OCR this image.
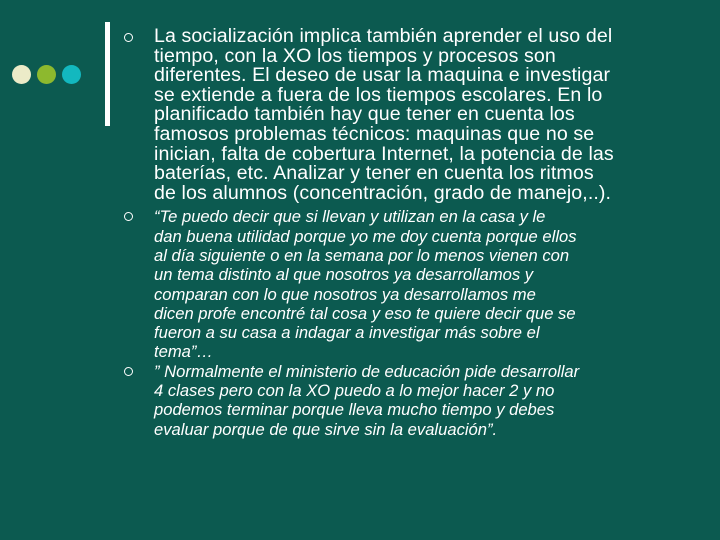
La socialización implica también aprender el uso del
tiempo, con la XO los tiempos y procesos son
diferentes. El deseo de usar la maquina e investigar
se extiende a fuera de los tiempos escolares. En lo
planificado también hay que tener en cuenta los
famosos problemas técnicos: maquinas que no se
inician, falta de cobertura Internet, la potencia de las
baterías, etc. Analizar y tener en cuenta los ritmos
de los alumnos (concentración, grado de manejo,..).
“Te puedo decir que si llevan y utilizan en la casa y le
dan buena utilidad porque yo me doy cuenta porque ellos
al día siguiente o en la semana por lo menos vienen con
un tema distinto al que nosotros ya desarrollamos y
comparan con lo que nosotros ya desarrollamos me
dicen profe encontré tal cosa y eso te quiere decir que se
fueron a su casa a indagar a investigar más sobre el
tema”…
” Normalmente el ministerio de educación pide desarrollar
4 clases pero con la XO puedo a lo mejor hacer 2 y no
podemos terminar porque lleva mucho tiempo y debes
evaluar porque de que sirve sin la evaluación”.
